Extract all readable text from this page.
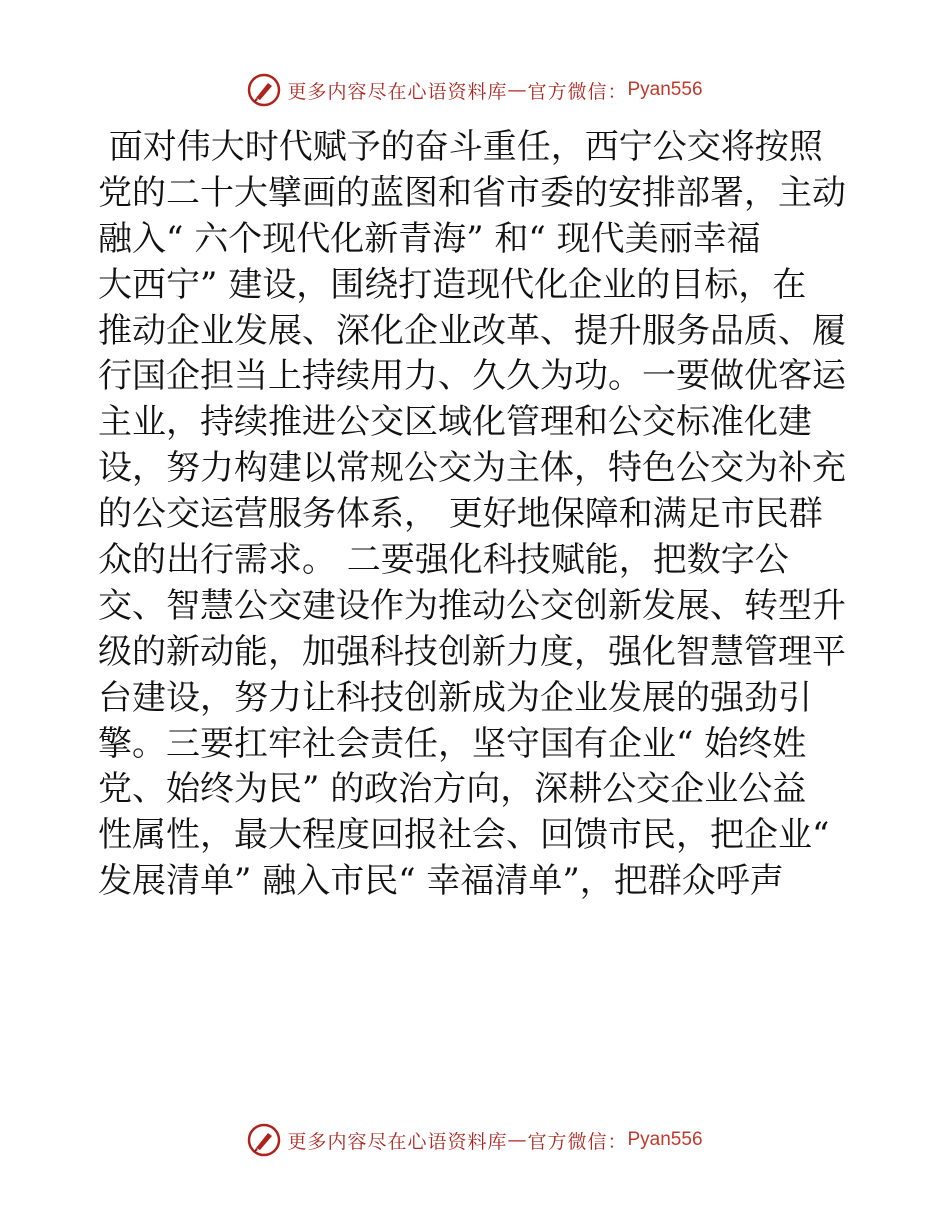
更多内容尽在心语资料库 — 官方微信： Pyan556
面对伟大时代赋予的奋斗重任，西宁公交将按照
党的二十大擘画的蓝图和省市委的安排部署，主动
融入“ 六个现代化新青海” 和“ 现代美丽幸福
大西宁” 建设，围绕打造现代化企业的目标，在
推动企业发展、深化企业改革、提升服务品质、履
行国企担当上持续用力、久久为功。一要做优客运
主业，持续推进公交区域化管理和公交标准化建
设，努力构建以常规公交为主体，特色公交为补充
的公交运营服务体系， 更好地保障和满足市民群
众的出行需求。 二要强化科技赋能，把数字公
交、智慧公交建设作为推动公交创新发展、转型升
级的新动能，加强科技创新力度，强化智慧管理平
台建设，努力让科技创新成为企业发展的强劲引
擎。三要扛牢社会责任，坚守国有企业“ 始终姓
党、始终为民” 的政治方向，深耕公交企业公益
性属性，最大程度回报社会、回馈市民，把企业“
发展清单” 融入市民“ 幸福清单”，把群众呼声
更多内容尽在心语资料库 — 官方微信： Pyan556
